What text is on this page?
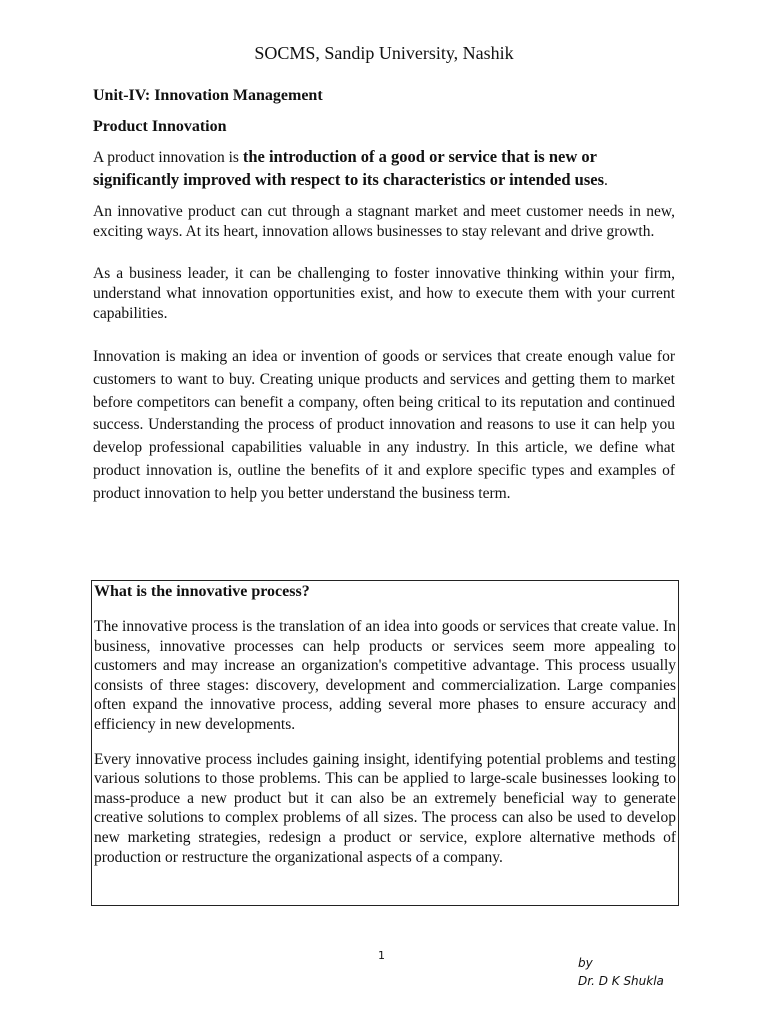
SOCMS, Sandip University, Nashik
Unit-IV: Innovation Management
Product Innovation
A product innovation is the introduction of a good or service that is new or significantly improved with respect to its characteristics or intended uses.

An innovative product can cut through a stagnant market and meet customer needs in new, exciting ways. At its heart, innovation allows businesses to stay relevant and drive growth.

As a business leader, it can be challenging to foster innovative thinking within your firm, understand what innovation opportunities exist, and how to execute them with your current capabilities.

Innovation is making an idea or invention of goods or services that create enough value for customers to want to buy. Creating unique products and services and getting them to market before competitors can benefit a company, often being critical to its reputation and continued success. Understanding the process of product innovation and reasons to use it can help you develop professional capabilities valuable in any industry. In this article, we define what product innovation is, outline the benefits of it and explore specific types and examples of product innovation to help you better understand the business term.

What is the innovative process?

The innovative process is the translation of an idea into goods or services that create value. In business, innovative processes can help products or services seem more appealing to customers and may increase an organization's competitive advantage. This process usually consists of three stages: discovery, development and commercialization. Large companies often expand the innovative process, adding several more phases to ensure accuracy and efficiency in new developments.

Every innovative process includes gaining insight, identifying potential problems and testing various solutions to those problems. This can be applied to large-scale businesses looking to mass-produce a new product but it can also be an extremely beneficial way to generate creative solutions to complex problems of all sizes. The process can also be used to develop new marketing strategies, redesign a product or service, explore alternative methods of production or restructure the organizational aspects of a company.

1
by
Dr. D K Shukla
